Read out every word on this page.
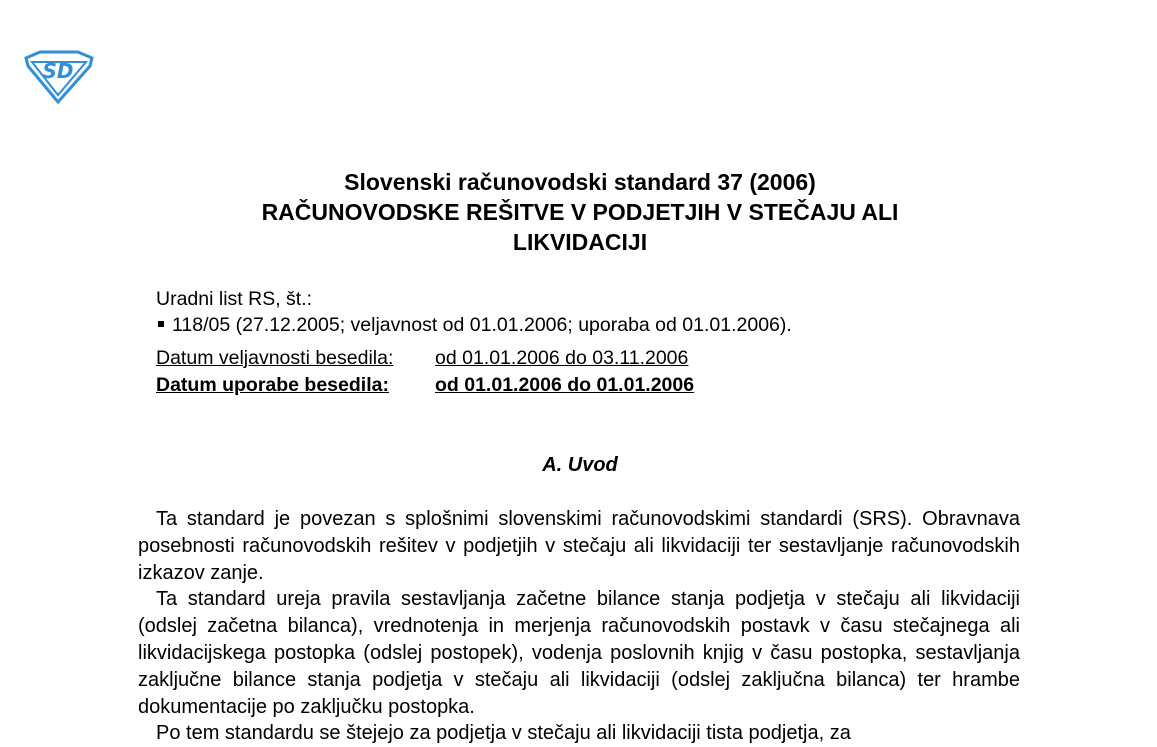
SD
Slovenski računovodski standard 37 (2006)
RAČUNOVODSKE REŠITVE V PODJETJIH V STEČAJU ALI
LIKVIDACIJI
Uradni list RS, št.:
118/05 (27.12.2005; veljavnost od 01.01.2006; uporaba od 01.01.2006).
Datum veljavnosti besedila:	od 01.01.2006 do 03.11.2006
Datum uporabe besedila:	od 01.01.2006 do 01.01.2006
A. Uvod

Ta standard je povezan s splošnimi slovenskimi računovodskimi standardi (SRS). Obravnava posebnosti računovodskih rešitev v podjetjih v stečaju ali likvidaciji ter sestavljanje računovodskih izkazov zanje.

Ta standard ureja pravila sestavljanja začetne bilance stanja podjetja v stečaju ali likvidaciji (odslej začetna bilanca), vrednotenja in merjenja računovodskih postavk v času stečajnega ali likvidacijskega postopka (odslej postopek), vodenja poslovnih knjig v času postopka, sestavljanja zaključne bilance stanja podjetja v stečaju ali likvidaciji (odslej zaključna bilanca) ter hrambe dokumentacije po zaključku postopka.

Po tem standardu se štejejo za podjetja v stečaju ali likvidaciji tista podjetja, za
